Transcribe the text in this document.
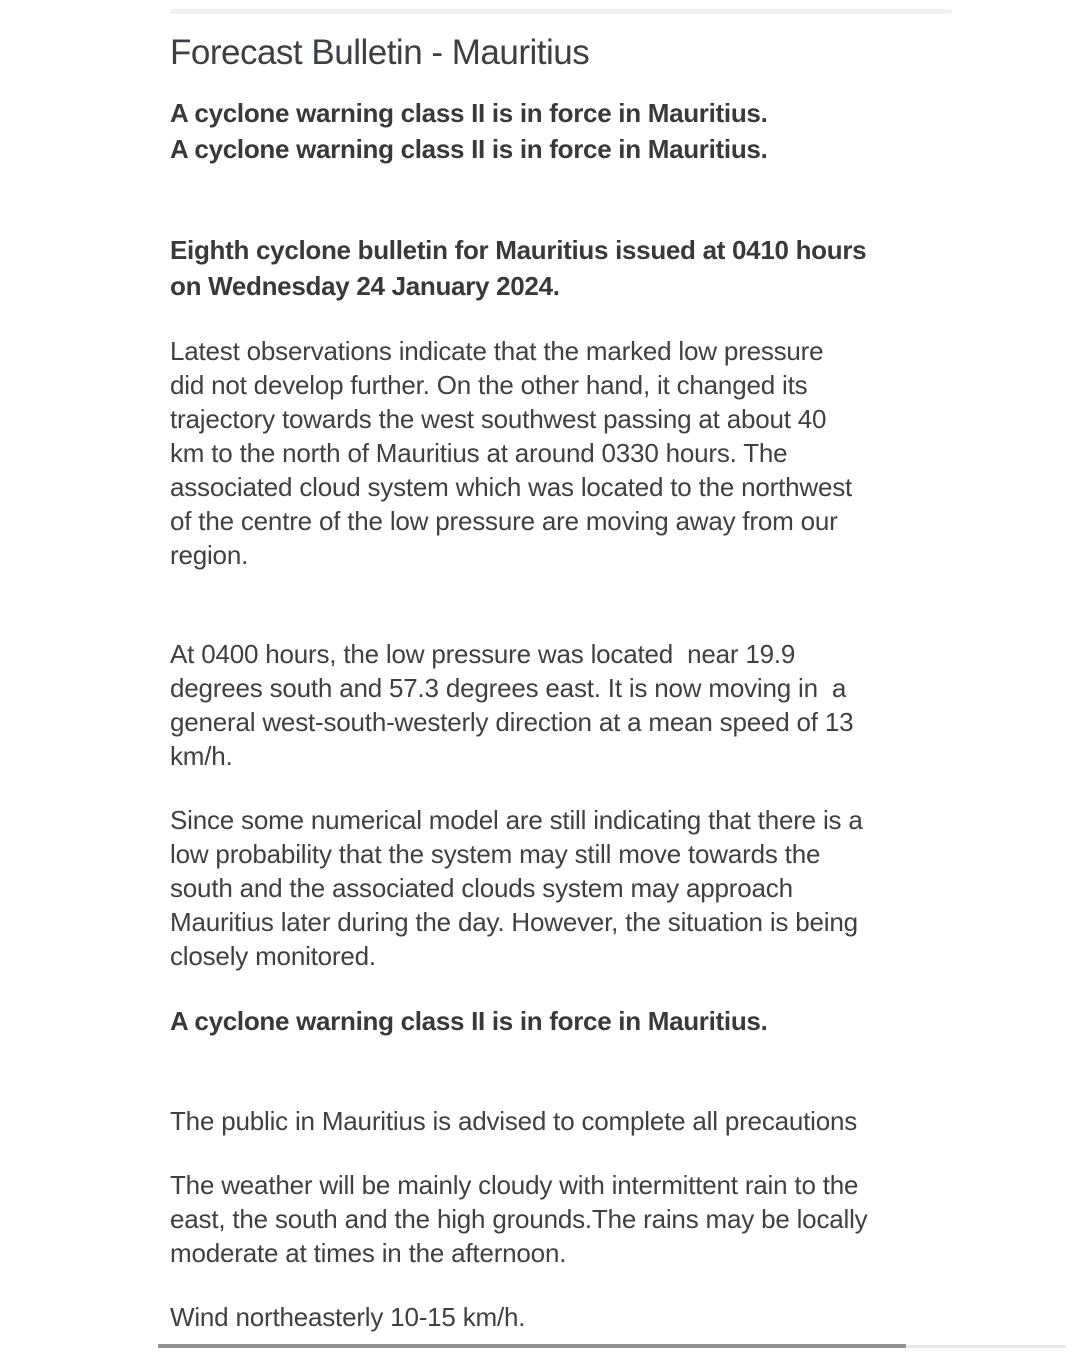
Forecast Bulletin - Mauritius
A cyclone warning class II is in force in Mauritius.
A cyclone warning class II is in force in Mauritius.
Eighth cyclone bulletin for Mauritius issued at 0410 hours
on Wednesday 24 January 2024.
Latest observations indicate that the marked low pressure
did not develop further. On the other hand, it changed its
trajectory towards the west southwest passing at about 40
km to the north of Mauritius at around 0330 hours. The
associated cloud system which was located to the northwest
of the centre of the low pressure are moving away from our
region.
At 0400 hours, the low pressure was located  near 19.9
degrees south and 57.3 degrees east. It is now moving in  a
general west-south-westerly direction at a mean speed of 13
km/h.
Since some numerical model are still indicating that there is a
low probability that the system may still move towards the
south and the associated clouds system may approach
Mauritius later during the day. However, the situation is being
closely monitored.
A cyclone warning class II is in force in Mauritius.
The public in Mauritius is advised to complete all precautions
The weather will be mainly cloudy with intermittent rain to the
east, the south and the high grounds.The rains may be locally
moderate at times in the afternoon.
Wind northeasterly 10-15 km/h.
